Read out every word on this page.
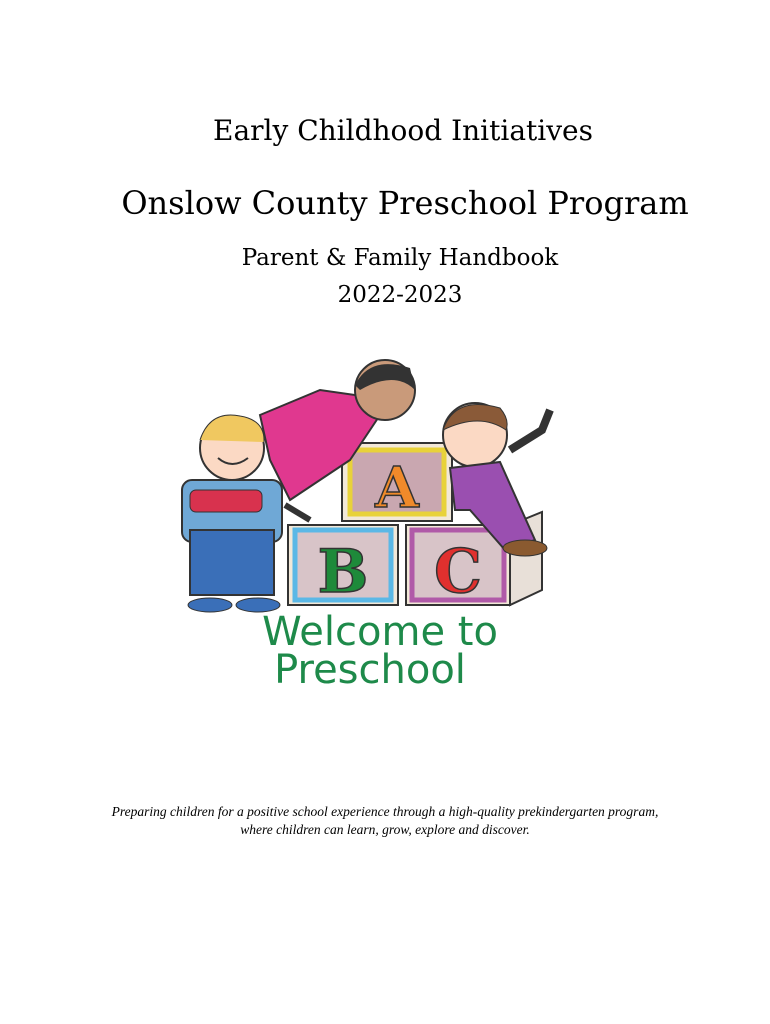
Early Childhood Initiatives
Onslow County Preschool Program
Parent & Family Handbook
2022-2023
A
B C
Welcome to
Preschool
Preparing children for a positive school experience through a high-quality prekindergarten program,
where children can learn, grow, explore and discover.
